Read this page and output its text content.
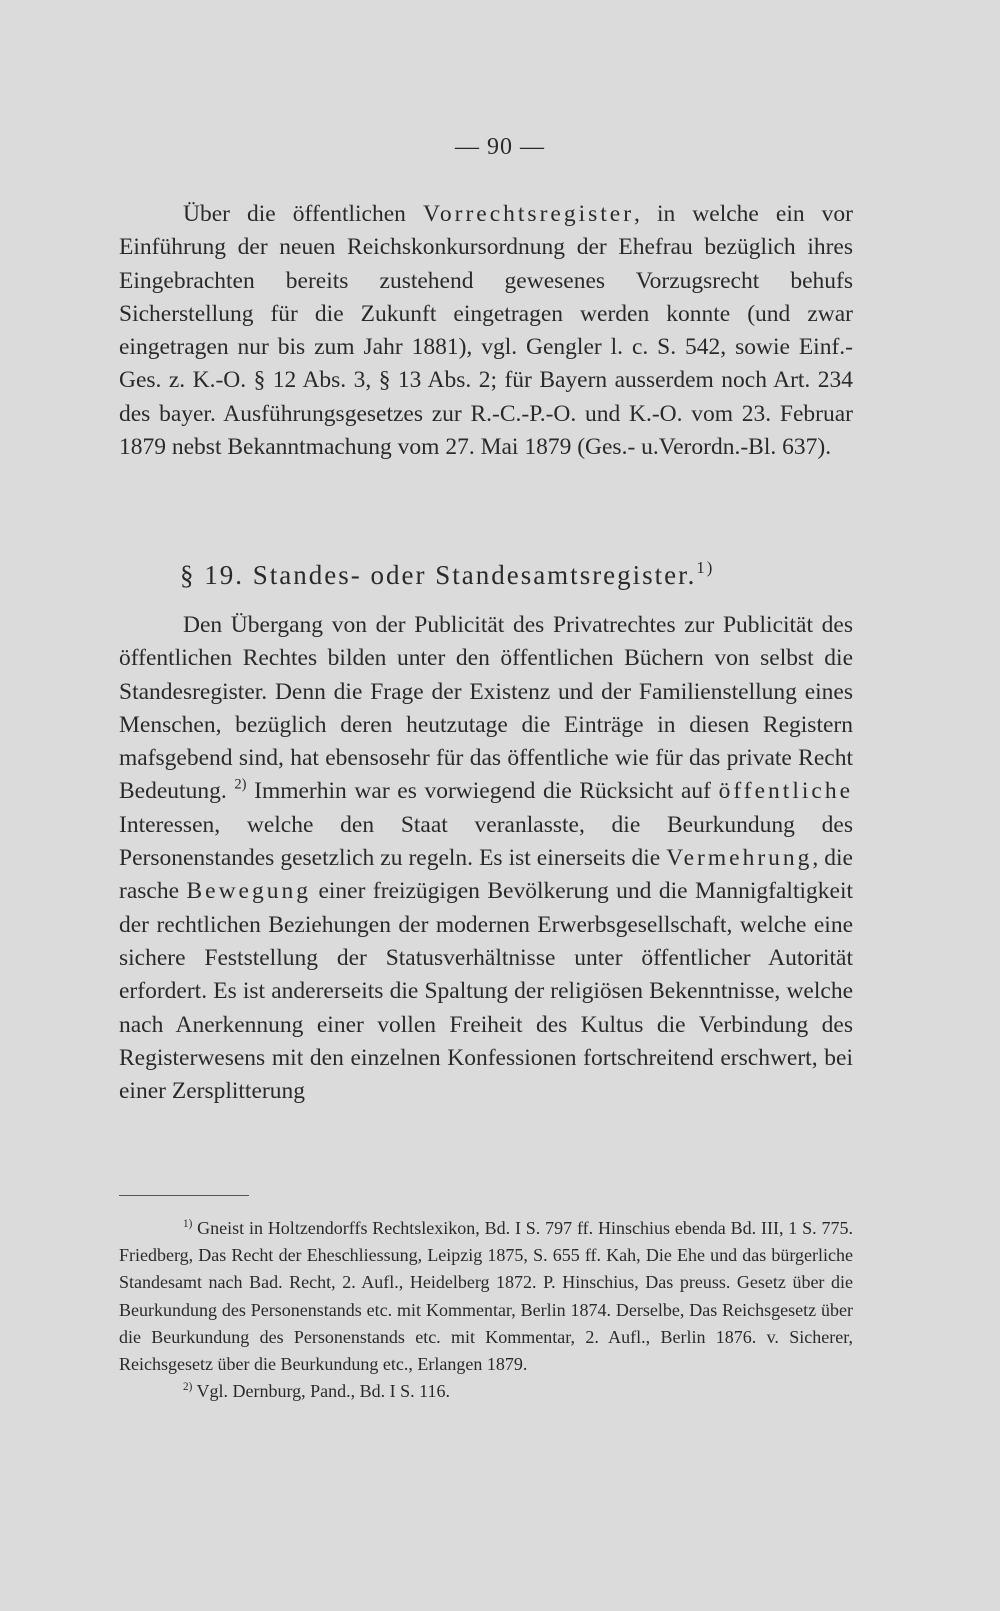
— 90 —

Über die öffentlichen Vorrechtsregister, in welche ein vor Einführung der neuen Reichskonkursordnung der Ehefrau bezüglich ihres Eingebrachten bereits zustehend gewesenes Vorzugsrecht behufs Sicherstellung für die Zukunft eingetragen werden konnte (und zwar eingetragen nur bis zum Jahr 1881), vgl. Gengler l. c. S. 542, sowie Einf.-Ges. z. K.-O. § 12 Abs. 3, § 13 Abs. 2; für Bayern ausserdem noch Art. 234 des bayer. Ausführungsgesetzes zur R.-C.-P.-O. und K.-O. vom 23. Februar 1879 nebst Bekanntmachung vom 27. Mai 1879 (Ges.- u.Verordn.-Bl. 637).

§ 19. Standes- oder Standesamtsregister.$^{1)}$

Den Übergang von der Publicität des Privatrechtes zur Publicität des öffentlichen Rechtes bilden unter den öffentlichen Büchern von selbst die Standesregister. Denn die Frage der Existenz und der Familienstellung eines Menschen, bezüglich deren heutzutage die Einträge in diesen Registern mafsgebend sind, hat ebensosehr für das öffentliche wie für das private Recht Bedeutung. $^{2)}$ Immerhin war es vorwiegend die Rücksicht auf öffentliche Interessen, welche den Staat veranlasste, die Beurkundung des Personenstandes gesetzlich zu regeln. Es ist einerseits die Vermehrung, die rasche Bewegung einer freizügigen Bevölkerung und die Mannigfaltigkeit der rechtlichen Beziehungen der modernen Erwerbsgesellschaft, welche eine sichere Feststellung der Statusverhältnisse unter öffentlicher Autorität erfordert. Es ist andererseits die Spaltung der religiösen Bekenntnisse, welche nach Anerkennung einer vollen Freiheit des Kultus die Verbindung des Registerwesens mit den einzelnen Konfessionen fortschreitend erschwert, bei einer Zersplitterung

$^{1)}$ Gneist in Holtzendorffs Rechtslexikon, Bd. I S. 797 ff. Hinschius ebenda Bd. III, 1 S. 775. Friedberg, Das Recht der Eheschliessung, Leipzig 1875, S. 655 ff. Kah, Die Ehe und das bürgerliche Standesamt nach Bad. Recht, 2. Aufl., Heidelberg 1872. P. Hinschius, Das preuss. Gesetz über die Beurkundung des Personenstands etc. mit Kommentar, Berlin 1874. Derselbe, Das Reichsgesetz über die Beurkundung des Personenstands etc. mit Kommentar, 2. Aufl., Berlin 1876. v. Sicherer, Reichsgesetz über die Beurkundung etc., Erlangen 1879.

$^{2)}$ Vgl. Dernburg, Pand., Bd. I S. 116.
